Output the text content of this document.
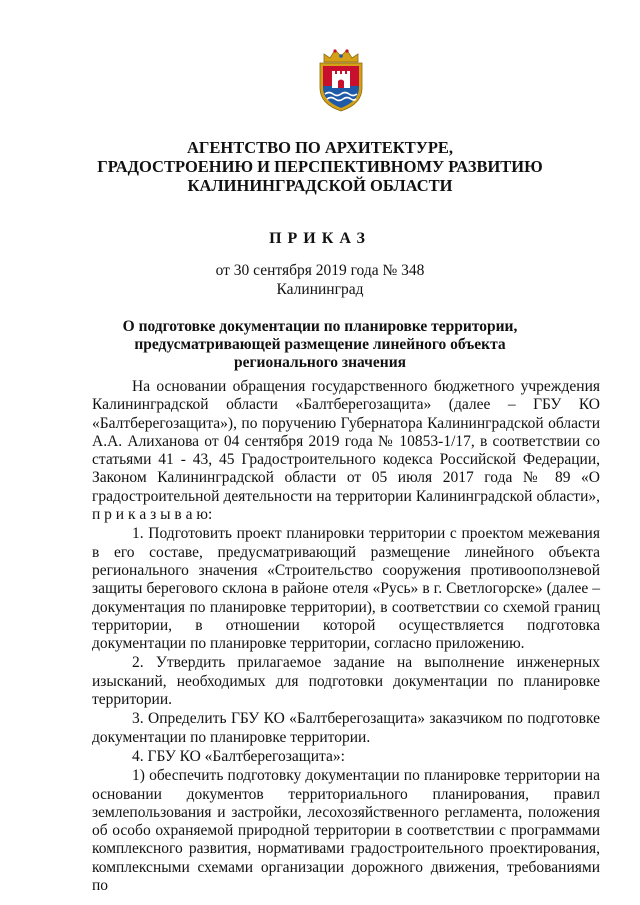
АГЕНТСТВО ПО АРХИТЕКТУРЕ,
ГРАДОСТРОЕНИЮ И ПЕРСПЕКТИВНОМУ РАЗВИТИЮ
КАЛИНИНГРАДСКОЙ ОБЛАСТИ
ПРИКАЗ
от 30 сентября 2019 года № 348
Калининград
О подготовке документации по планировке территории,
предусматривающей размещение линейного объекта
регионального значения

На основании обращения государственного бюджетного учреждения Калининградской области «Балтберегозащита» (далее – ГБУ КО «Балтберегозащита»), по поручению Губернатора Калининградской области А.А. Алиханова от 04 сентября 2019 года № 10853-1/17, в соответствии со статьями 41 - 43, 45 Градостроительного кодекса Российской Федерации, Законом Калининградской области от 05 июля 2017 года № 89 «О градостроительной деятельности на территории Калининградской области», п р и к а з ы в а ю:

1. Подготовить проект планировки территории с проектом межевания в его составе, предусматривающий размещение линейного объекта регионального значения «Строительство сооружения противооползневой защиты берегового склона в районе отеля «Русь» в г. Светлогорске» (далее – документация по планировке территории), в соответствии со схемой границ территории, в отношении которой осуществляется подготовка документации по планировке территории, согласно приложению.

2. Утвердить прилагаемое задание на выполнение инженерных изысканий, необходимых для подготовки документации по планировке территории.

3. Определить ГБУ КО «Балтберегозащита» заказчиком по подготовке документации по планировке территории.

4. ГБУ КО «Балтберегозащита»:

1) обеспечить подготовку документации по планировке территории на основании документов территориального планирования, правил землепользования и застройки, лесохозяйственного регламента, положения об особо охраняемой природной территории в соответствии с программами комплексного развития, нормативами градостроительного проектирования, комплексными схемами организации дорожного движения, требованиями по
